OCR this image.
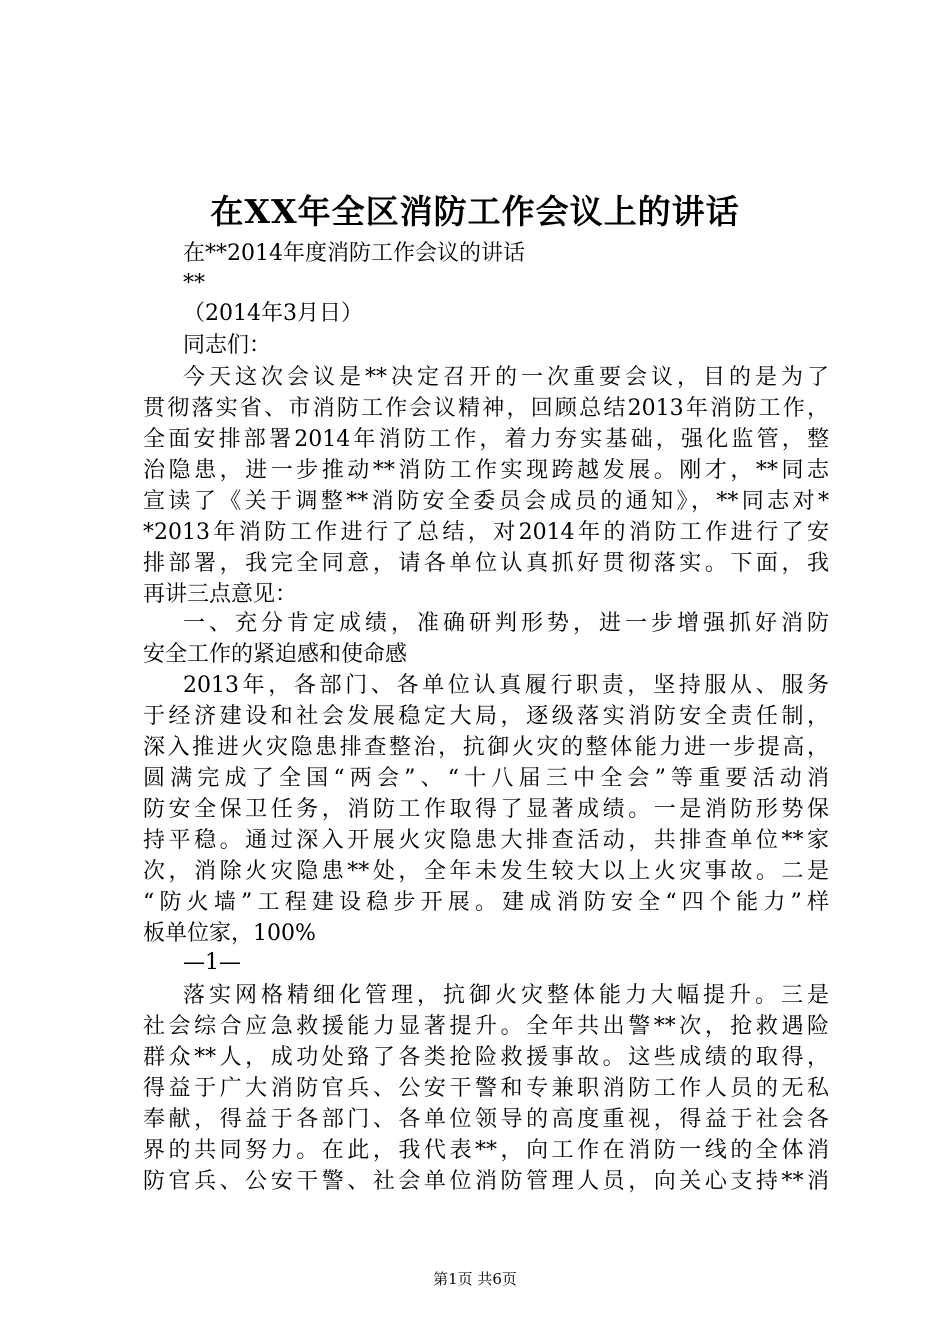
在XX年全区消防工作会议上的讲话
在**2014年度消防工作会议的讲话
**
（2014年3月日）
同志们：
今天这次会议是**决定召开的一次重要会议，目的是为了
贯彻落实省、市消防工作会议精神，回顾总结2013年消防工作，
全面安排部署2014年消防工作，着力夯实基础，强化监管，整
治隐患，进一步推动**消防工作实现跨越发展。刚才，**同志
宣读了《关于调整**消防安全委员会成员的通知》，**同志对*
*2013年消防工作进行了总结，对2014年的消防工作进行了安
排部署，我完全同意，请各单位认真抓好贯彻落实。下面，我
再讲三点意见：
一、充分肯定成绩，准确研判形势，进一步增强抓好消防
安全工作的紧迫感和使命感
2013年，各部门、各单位认真履行职责，坚持服从、服务
于经济建设和社会发展稳定大局，逐级落实消防安全责任制，
深入推进火灾隐患排查整治，抗御火灾的整体能力进一步提高，
圆满完成了全国“两会”、“十八届三中全会”等重要活动消
防安全保卫任务，消防工作取得了显著成绩。一是消防形势保
持平稳。通过深入开展火灾隐患大排查活动，共排查单位**家
次，消除火灾隐患**处，全年未发生较大以上火灾事故。二是
“防火墙”工程建设稳步开展。建成消防安全“四个能力”样
板单位家，100%
—1—
落实网格精细化管理，抗御火灾整体能力大幅提升。三是
社会综合应急救援能力显著提升。全年共出警**次，抢救遇险
群众**人，成功处臵了各类抢险救援事故。这些成绩的取得，
得益于广大消防官兵、公安干警和专兼职消防工作人员的无私
奉献，得益于各部门、各单位领导的高度重视，得益于社会各
界的共同努力。在此，我代表**，向工作在消防一线的全体消
防官兵、公安干警、社会单位消防管理人员，向关心支持**消
第1页 共6页
